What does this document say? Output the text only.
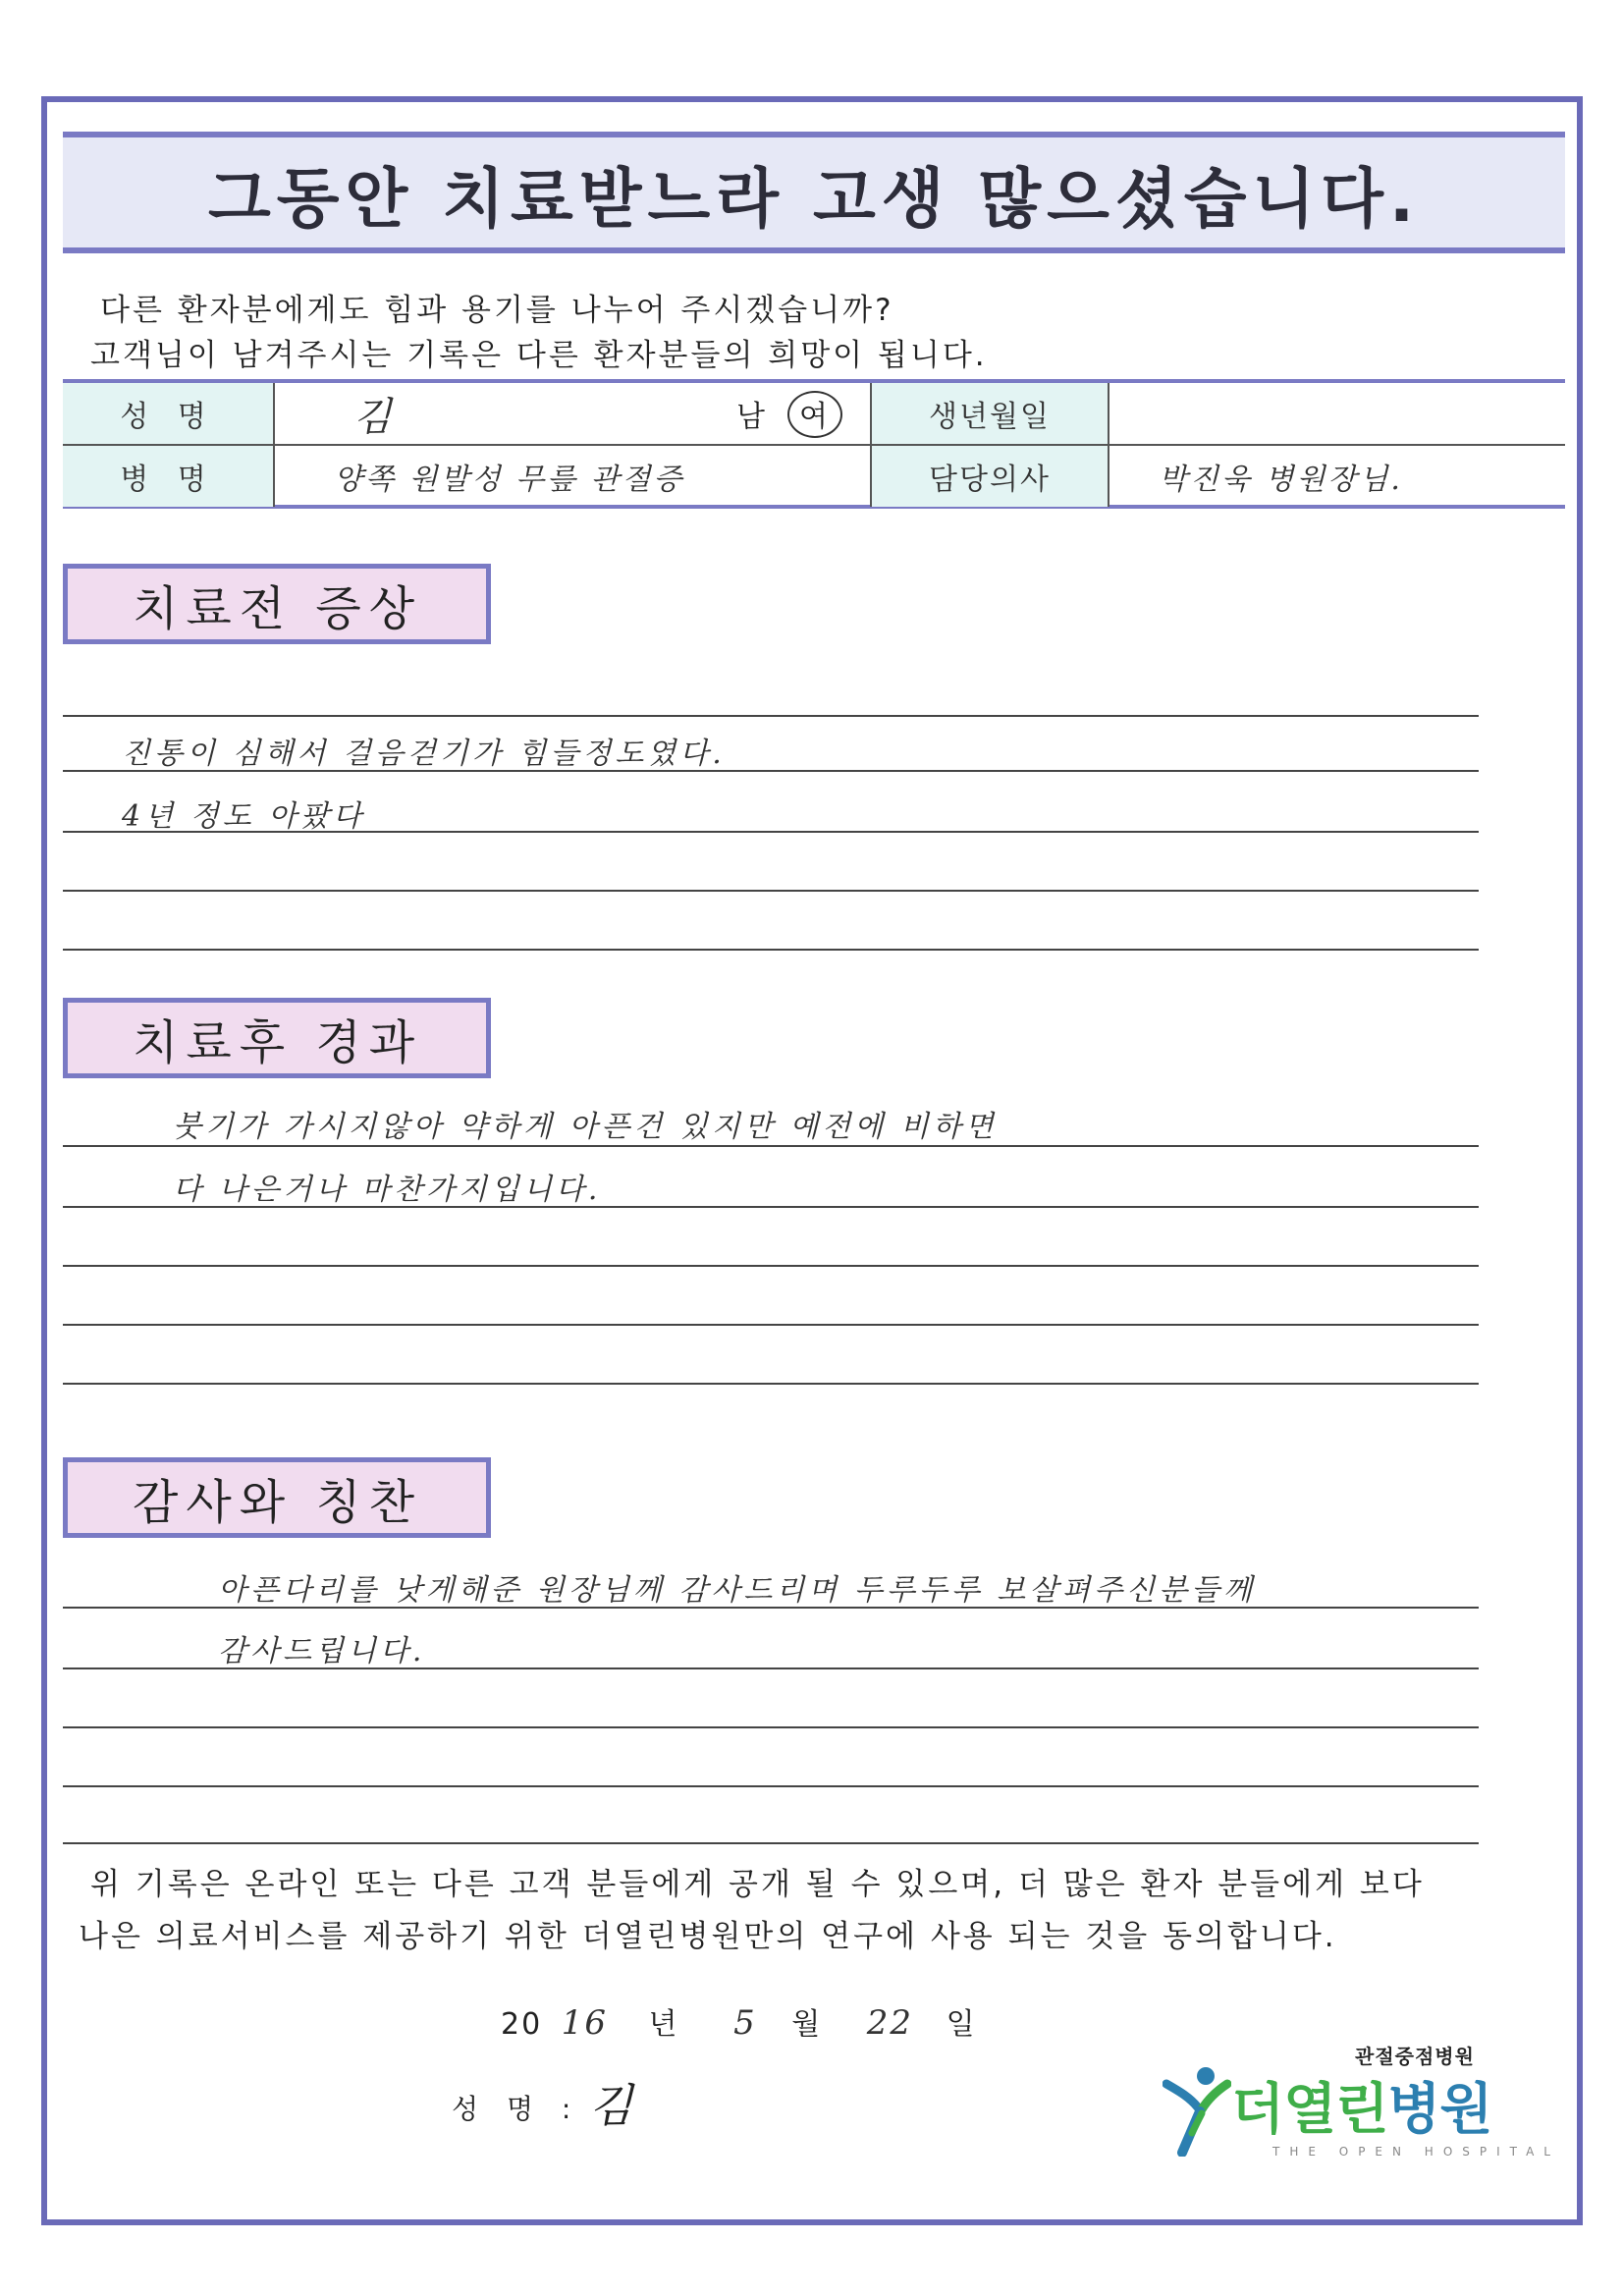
그동안 치료받느라 고생 많으셨습니다.
다른 환자분에게도 힘과 용기를 나누어 주시겠습니까?
고객님이 남겨주시는 기록은 다른 환자분들의 희망이 됩니다.
성 명	김	남 여	생년월일
병 명	양쪽 원발성 무릎 관절증	담당의사	박진욱 병원장님.
치료전 증상
진통이 심해서 걸음걷기가 힘들정도였다.
4년 정도 아팠다
치료후 경과
붓기가 가시지않아 약하게 아픈건 있지만 예전에 비하면
다 나은거나 마찬가지입니다.
감사와 칭찬
아픈다리를 낫게해준 원장님께 감사드리며 두루두루 보살펴주신분들께
감사드립니다.
위 기록은 온라인 또는 다른 고객 분들에게 공개 될 수 있으며, 더 많은 환자 분들에게 보다
나은 의료서비스를 제공하기 위한 더열린병원만의 연구에 사용 되는 것을 동의합니다.
20 16 년 5 월 22 일
성 명 : 김
관절중점병원
더열린병원
THE OPEN HOSPITAL
